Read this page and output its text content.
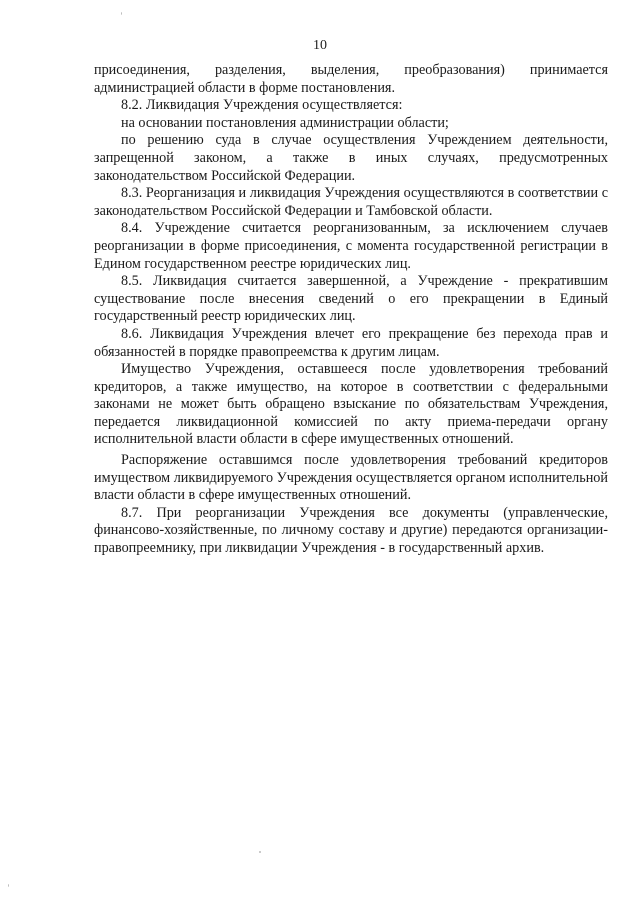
10

присоединения, разделения, выделения, преобразования) принимается администрацией области в форме постановления.

8.2. Ликвидация Учреждения осуществляется:

на основании постановления администрации области;

по решению суда в случае осуществления Учреждением деятельности, запрещенной законом, а также в иных случаях, предусмотренных законодательством Российской Федерации.

8.3. Реорганизация и ликвидация Учреждения осуществляются в соответствии с законодательством Российской Федерации и Тамбовской области.

8.4. Учреждение считается реорганизованным, за исключением случаев реорганизации в форме присоединения, с момента государственной регистрации в Едином государственном реестре юридических лиц.

8.5. Ликвидация считается завершенной, а Учреждение - прекратившим существование после внесения сведений о его прекращении в Единый государственный реестр юридических лиц.

8.6. Ликвидация Учреждения влечет его прекращение без перехода прав и обязанностей в порядке правопреемства к другим лицам.

Имущество Учреждения, оставшееся после удовлетворения требований кредиторов, а также имущество, на которое в соответствии с федеральными законами не может быть обращено взыскание по обязательствам Учреждения, передается ликвидационной комиссией по акту приема-передачи органу исполнительной власти области в сфере имущественных отношений.

Распоряжение оставшимся после удовлетворения требований кредиторов имуществом ликвидируемого Учреждения осуществляется органом исполнительной власти области в сфере имущественных отношений.

8.7. При реорганизации Учреждения все документы (управленческие, финансово-хозяйственные, по личному составу и другие) передаются организации-правопреемнику, при ликвидации Учреждения - в государственный архив.
